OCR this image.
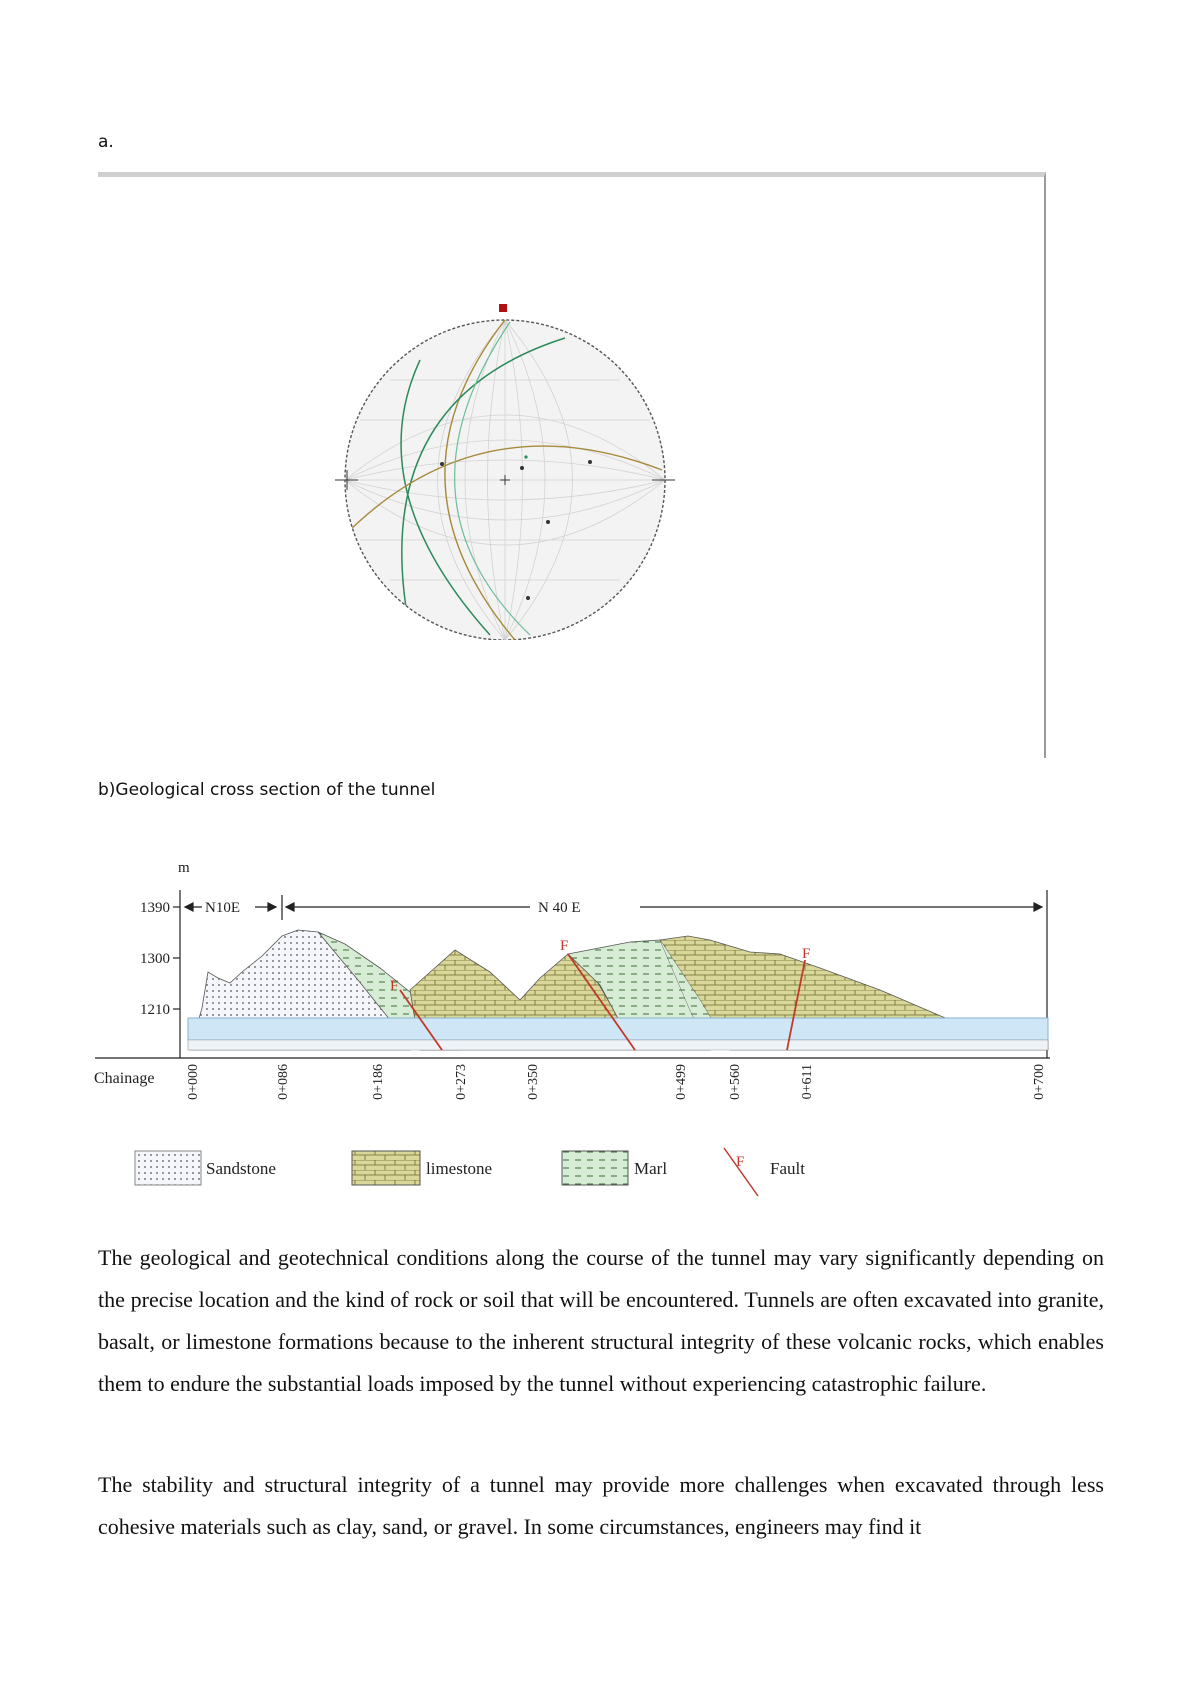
a.
b)Geological cross section of the tunnel
m
1390
1300
1210
N10E	N 40 E
F
F	F
Chainage 0+000	0+086	0+186	0+273	0+350	0+499	0+560	0+611	0+700
Sandstone	limestone	Marl	F Fault

The geological and geotechnical conditions along the course of the tunnel may vary significantly depending on the precise location and the kind of rock or soil that will be encountered. Tunnels are often excavated into granite, basalt, or limestone formations because to the inherent structural integrity of these volcanic rocks, which enables them to endure the substantial loads imposed by the tunnel without experiencing catastrophic failure.

The stability and structural integrity of a tunnel may provide more challenges when excavated through less cohesive materials such as clay, sand, or gravel. In some circumstances, engineers may find it
